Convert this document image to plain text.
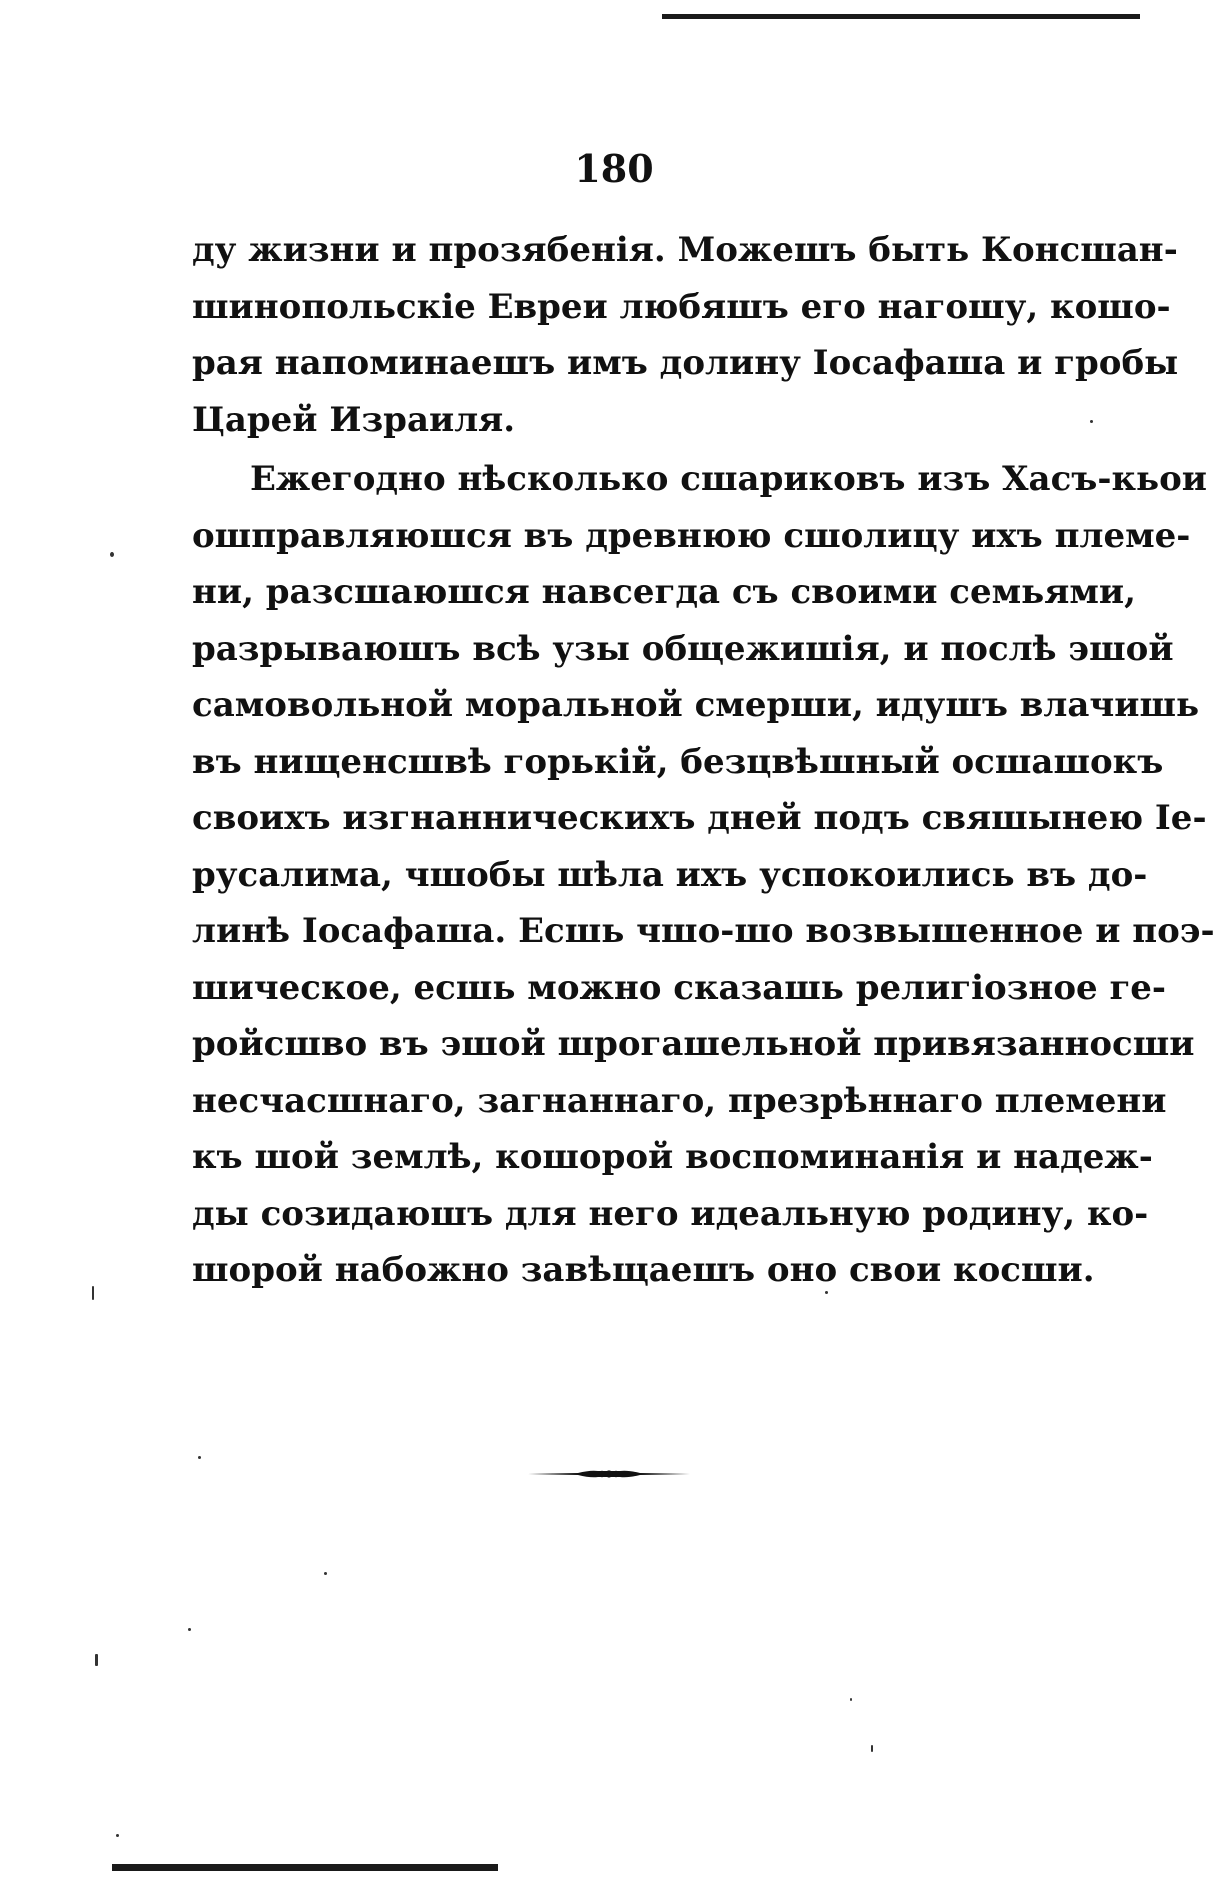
180
ду жизни и прозябенія. Можешъ быть Консшан-
шинопольскіе Евреи любяшъ его нагошу, кошо-
рая напоминаешъ имъ долину Іосафаша и гробы
Царей Израиля.
Ежегодно нѣсколько сшариковъ изъ Хасъ-кьои
ошправляюшся въ древнюю сшолицу ихъ племе-
ни, разсшаюшся навсегда съ своими семьями,
разрываюшъ всѣ узы общежишія, и послѣ эшой
самовольной моральной смерши, идушъ влачишь
въ нищенсшвѣ горькій, безцвѣшный осшашокъ
своихъ изгнанническихъ дней подъ свяшынею Іе-
русалима, чшобы шѣла ихъ успокоились въ до-
линѣ Іосафаша. Есшь чшо-шо возвышенное и поэ-
шическое, есшь можно сказашь религіозное ге-
ройсшво въ эшой шрогашельной привязанносши
несчасшнаго, загнаннаго, презрѣннаго племени
къ шой землѣ, кошорой воспоминанія и надеж-
ды созидаюшъ для него идеальную родину, ко-
шорой набожно завѣщаешъ оно свои косши.
